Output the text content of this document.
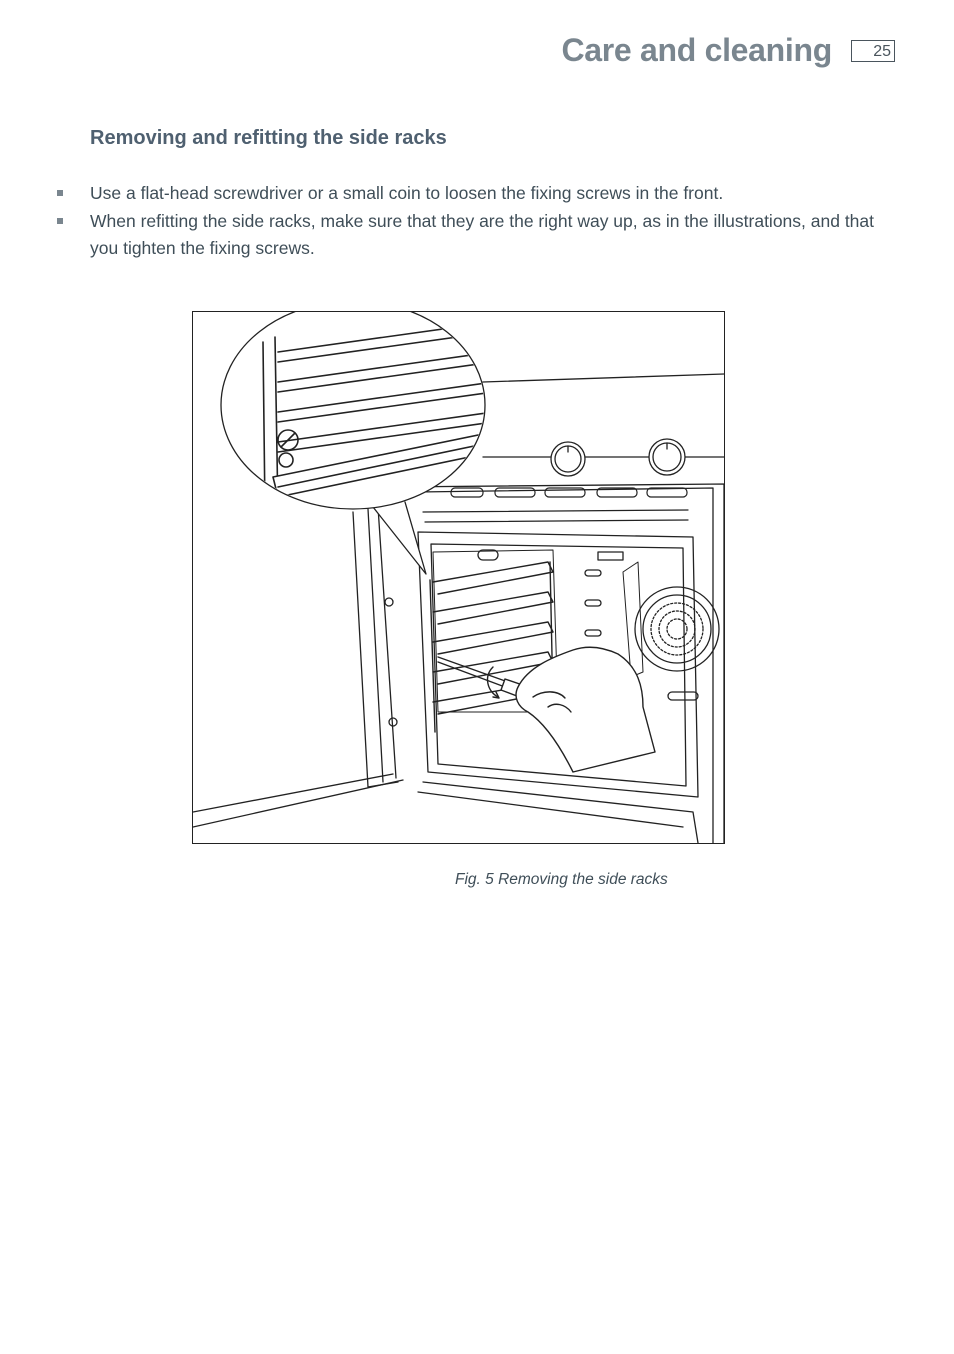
Care and cleaning	25
Removing and refitting the side racks
Use a flat-head screwdriver or a small coin to loosen the fixing screws in the front.
When refitting the side racks, make sure that they are the right way up, as in the illustrations, and that you tighten the fixing screws.
Fig. 5 Removing the side racks
